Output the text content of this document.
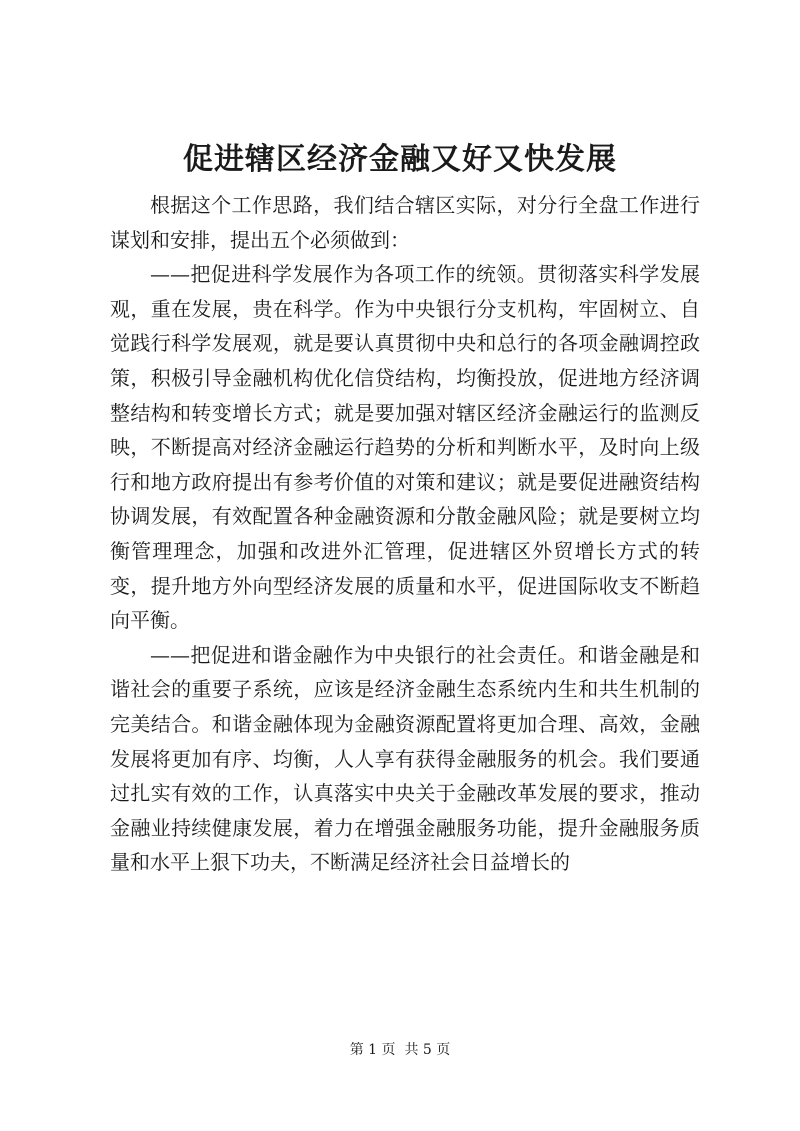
促进辖区经济金融又好又快发展

根据这个工作思路，我们结合辖区实际，对分行全盘工作进行谋划和安排，提出五个必须做到：

——把促进科学发展作为各项工作的统领。贯彻落实科学发展观，重在发展，贵在科学。作为中央银行分支机构，牢固树立、自觉践行科学发展观，就是要认真贯彻中央和总行的各项金融调控政策，积极引导金融机构优化信贷结构，均衡投放，促进地方经济调整结构和转变增长方式；就是要加强对辖区经济金融运行的监测反映，不断提高对经济金融运行趋势的分析和判断水平，及时向上级行和地方政府提出有参考价值的对策和建议；就是要促进融资结构协调发展，有效配置各种金融资源和分散金融风险；就是要树立均衡管理理念，加强和改进外汇管理，促进辖区外贸增长方式的转变，提升地方外向型经济发展的质量和水平，促进国际收支不断趋向平衡。

——把促进和谐金融作为中央银行的社会责任。和谐金融是和谐社会的重要子系统，应该是经济金融生态系统内生和共生机制的完美结合。和谐金融体现为金融资源配置将更加合理、高效，金融发展将更加有序、均衡，人人享有获得金融服务的机会。我们要通过扎实有效的工作，认真落实中央关于金融改革发展的要求，推动金融业持续健康发展，着力在增强金融服务功能，提升金融服务质量和水平上狠下功夫，不断满足经济社会日益增长的

第 1 页  共 5 页
